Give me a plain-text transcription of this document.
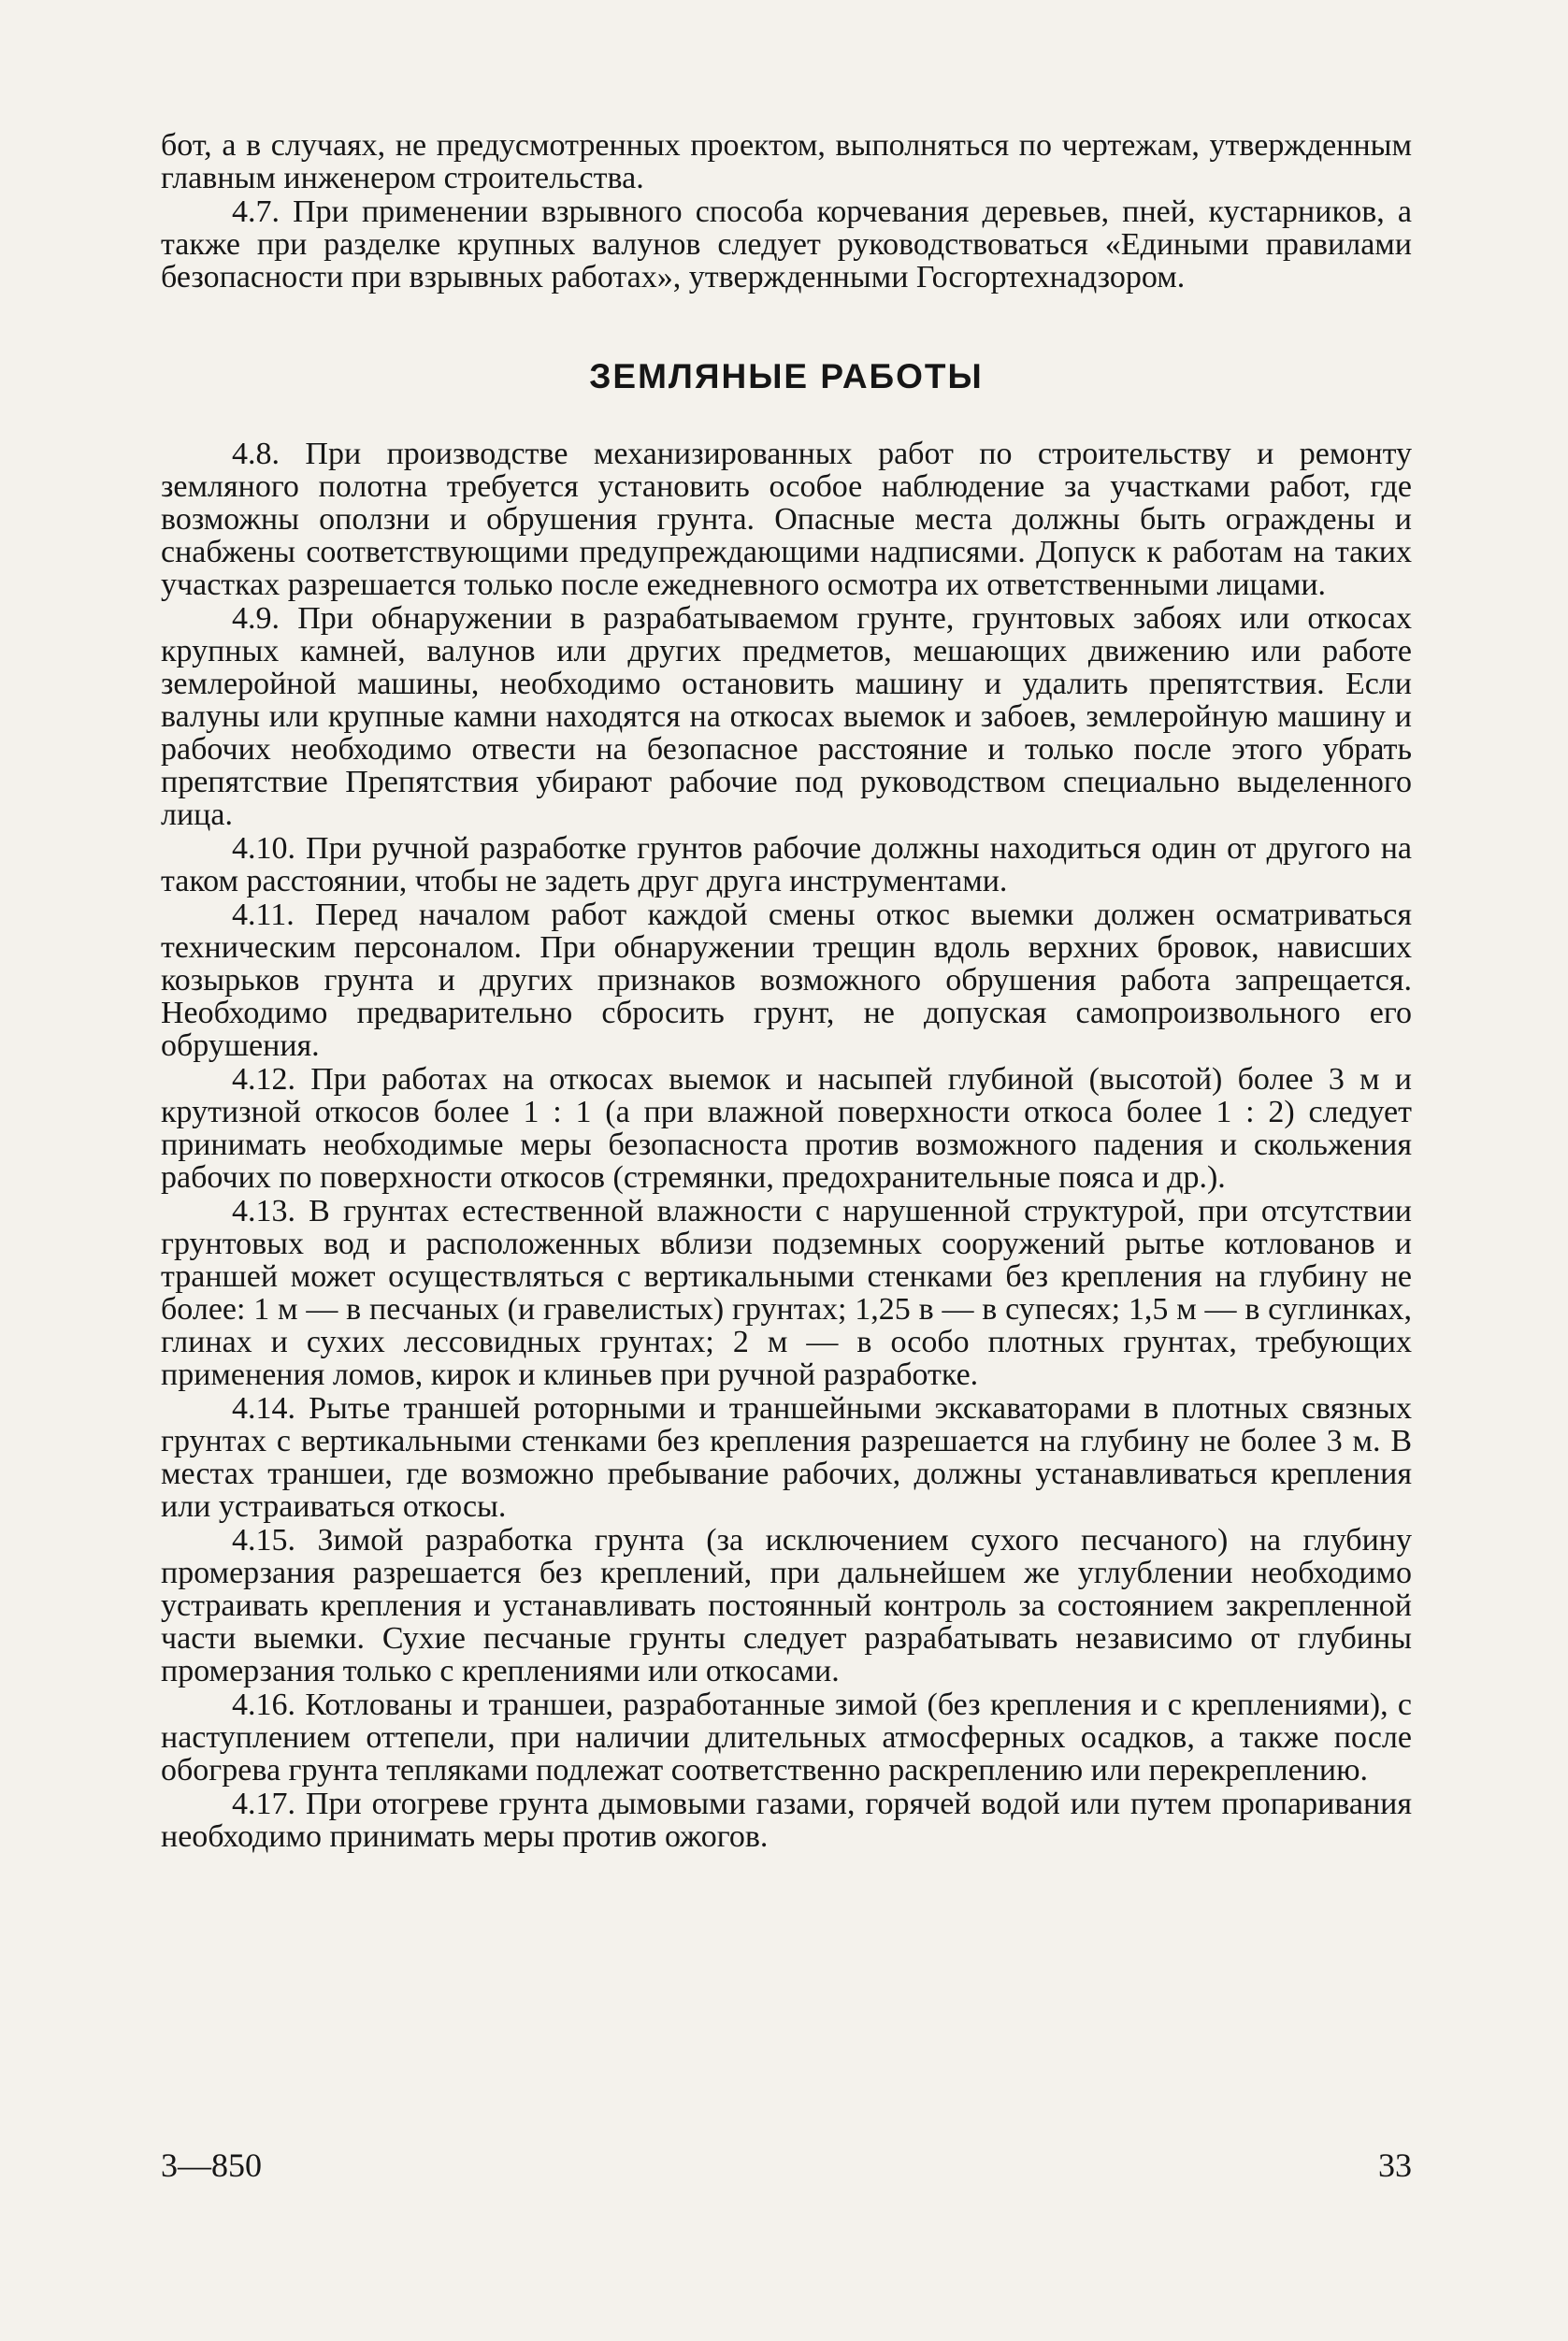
бот, а в случаях, не предусмотренных проектом, выполняться по чертежам, утвержденным главным инженером строительства.

4.7. При применении взрывного способа корчевания деревьев, пней, кустарников, а также при разделке крупных валунов следует руководствоваться «Едиными правилами безопасности при взрывных работах», утвержденными Госгортехнадзором.

ЗЕМЛЯНЫЕ РАБОТЫ

4.8. При производстве механизированных работ по строительству и ремонту земляного полотна требуется установить особое наблюдение за участками работ, где возможны оползни и обрушения грунта. Опасные места должны быть ограждены и снабжены соответствующими предупреждающими надписями. Допуск к работам на таких участках разрешается только после ежедневного осмотра их ответственными лицами.

4.9. При обнаружении в разрабатываемом грунте, грунтовых забоях или откосах крупных камней, валунов или других предметов, мешающих движению или работе землеройной машины, необходимо остановить машину и удалить препятствия. Если валуны или крупные камни находятся на откосах выемок и забоев, землеройную машину и рабочих необходимо отвести на безопасное расстояние и только после этого убрать препятствие Препятствия убирают рабочие под руководством специально выделенного лица.

4.10. При ручной разработке грунтов рабочие должны находиться один от другого на таком расстоянии, чтобы не задеть друг друга инструментами.

4.11. Перед началом работ каждой смены откос выемки должен осматриваться техническим персоналом. При обнаружении трещин вдоль верхних бровок, нависших козырьков грунта и других признаков возможного обрушения работа запрещается. Необходимо предварительно сбросить грунт, не допуская самопроизвольного его обрушения.

4.12. При работах на откосах выемок и насыпей глубиной (высотой) более 3 м и крутизной откосов более 1 : 1 (а при влажной поверхности откоса более 1 : 2) следует принимать необходимые меры безопасноста против возможного падения и скольжения рабочих по поверхности откосов (стремянки, предохранительные пояса и др.).

4.13. В грунтах естественной влажности с нарушенной структурой, при отсутствии грунтовых вод и расположенных вблизи подземных сооружений рытье котлованов и траншей может осуществляться с вертикальными стенками без крепления на глубину не более: 1 м — в песчаных (и гравелистых) грунтах; 1,25 в — в супесях; 1,5 м — в суглинках, глинах и сухих лессовидных грунтах; 2 м — в особо плотных грунтах, требующих применения ломов, кирок и клиньев при ручной разработке.

4.14. Рытье траншей роторными и траншейными экскаваторами в плотных связных грунтах с вертикальными стенками без крепления разрешается на глубину не более 3 м. В местах траншеи, где возможно пребывание рабочих, должны устанавливаться крепления или устраиваться откосы.

4.15. Зимой разработка грунта (за исключением сухого песчаного) на глубину промерзания разрешается без креплений, при дальнейшем же углублении необходимо устраивать крепления и устанавливать постоянный контроль за состоянием закрепленной части выемки. Сухие песчаные грунты следует разрабатывать независимо от глубины промерзания только с креплениями или откосами.

4.16. Котлованы и траншеи, разработанные зимой (без крепления и с креплениями), с наступлением оттепели, при наличии длительных атмосферных осадков, а также после обогрева грунта тепляками подлежат соответственно раскреплению или перекреплению.

4.17. При отогреве грунта дымовыми газами, горячей водой или путем пропаривания необходимо принимать меры против ожогов.

3—850	33
